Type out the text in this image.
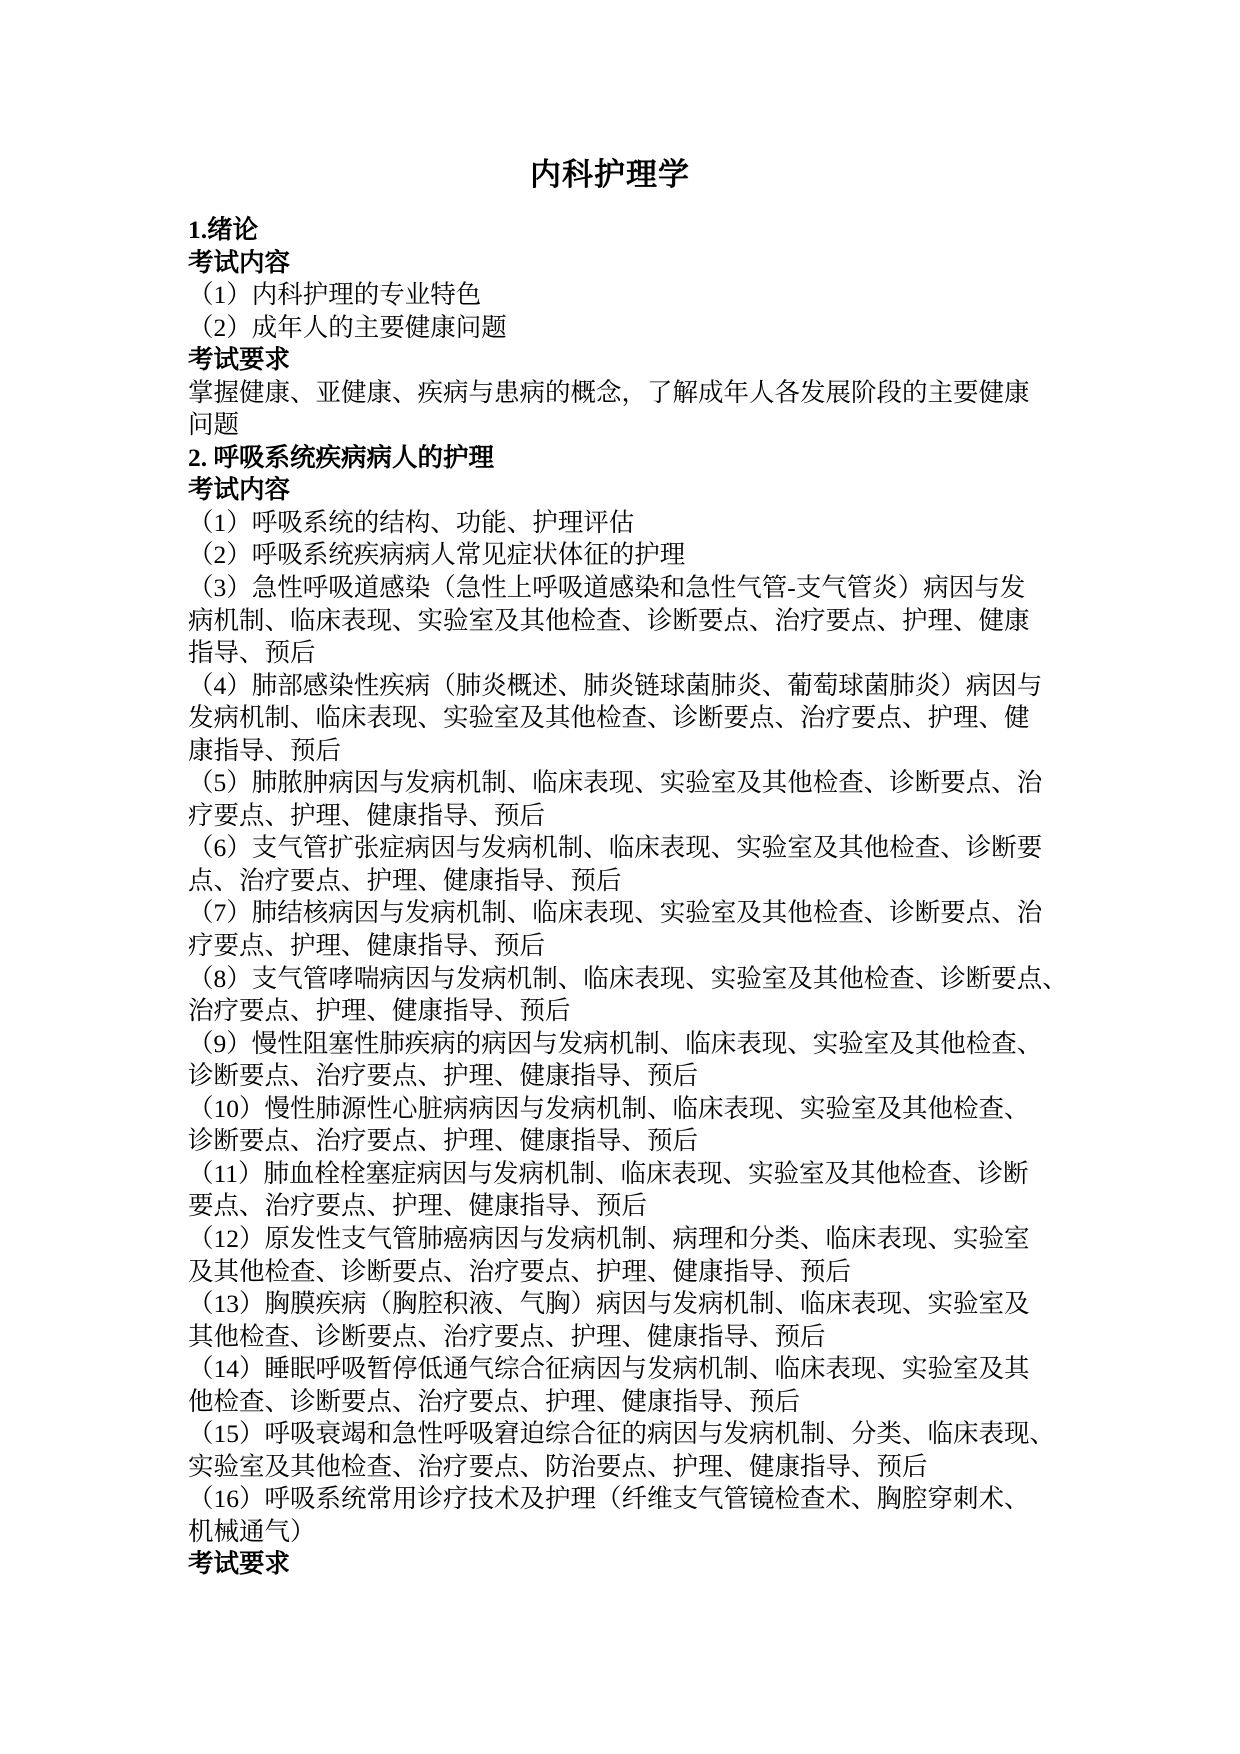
内科护理学
1.绪论
考试内容
（1）内科护理的专业特色
（2）成年人的主要健康问题
考试要求
掌握健康、亚健康、疾病与患病的概念，了解成年人各发展阶段的主要健康
问题
2. 呼吸系统疾病病人的护理
考试内容
（1）呼吸系统的结构、功能、护理评估
（2）呼吸系统疾病病人常见症状体征的护理
（3）急性呼吸道感染（急性上呼吸道感染和急性气管-支气管炎）病因与发
病机制、临床表现、实验室及其他检查、诊断要点、治疗要点、护理、健康
指导、预后
（4）肺部感染性疾病（肺炎概述、肺炎链球菌肺炎、葡萄球菌肺炎）病因与
发病机制、临床表现、实验室及其他检查、诊断要点、治疗要点、护理、健
康指导、预后
（5）肺脓肿病因与发病机制、临床表现、实验室及其他检查、诊断要点、治
疗要点、护理、健康指导、预后
（6）支气管扩张症病因与发病机制、临床表现、实验室及其他检查、诊断要
点、治疗要点、护理、健康指导、预后
（7）肺结核病因与发病机制、临床表现、实验室及其他检查、诊断要点、治
疗要点、护理、健康指导、预后
（8）支气管哮喘病因与发病机制、临床表现、实验室及其他检查、诊断要点、
治疗要点、护理、健康指导、预后
（9）慢性阻塞性肺疾病的病因与发病机制、临床表现、实验室及其他检查、
诊断要点、治疗要点、护理、健康指导、预后
（10）慢性肺源性心脏病病因与发病机制、临床表现、实验室及其他检查、
诊断要点、治疗要点、护理、健康指导、预后
（11）肺血栓栓塞症病因与发病机制、临床表现、实验室及其他检查、诊断
要点、治疗要点、护理、健康指导、预后
（12）原发性支气管肺癌病因与发病机制、病理和分类、临床表现、实验室
及其他检查、诊断要点、治疗要点、护理、健康指导、预后
（13）胸膜疾病（胸腔积液、气胸）病因与发病机制、临床表现、实验室及
其他检查、诊断要点、治疗要点、护理、健康指导、预后
（14）睡眠呼吸暂停低通气综合征病因与发病机制、临床表现、实验室及其
他检查、诊断要点、治疗要点、护理、健康指导、预后
（15）呼吸衰竭和急性呼吸窘迫综合征的病因与发病机制、分类、临床表现、
实验室及其他检查、治疗要点、防治要点、护理、健康指导、预后
（16）呼吸系统常用诊疗技术及护理（纤维支气管镜检查术、胸腔穿刺术、
机械通气）
考试要求
